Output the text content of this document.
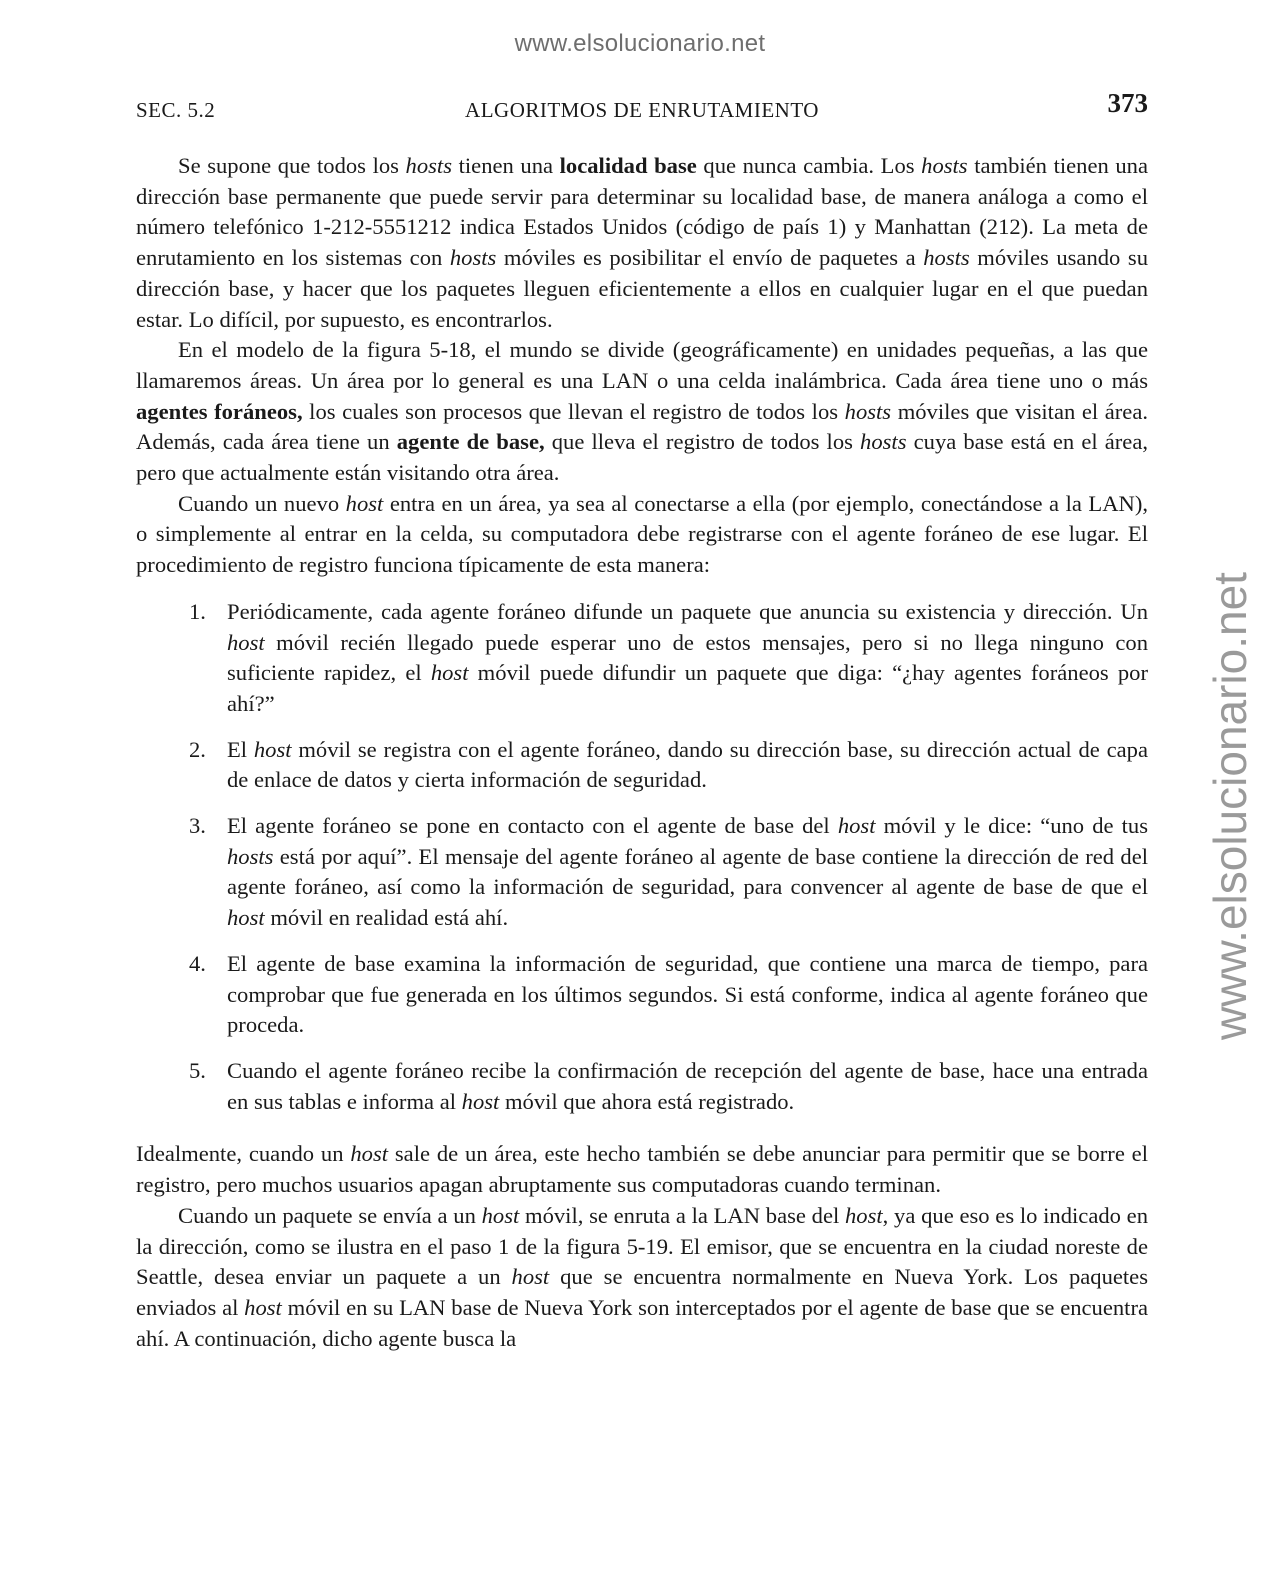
www.elsolucionario.net
www.elsolucionario.net
SEC. 5.2	ALGORITMOS DE ENRUTAMIENTO	373

Se supone que todos los hosts tienen una localidad base que nunca cambia. Los hosts también tienen una dirección base permanente que puede servir para determinar su localidad base, de manera análoga a como el número telefónico 1-212-5551212 indica Estados Unidos (código de país 1) y Manhattan (212). La meta de enrutamiento en los sistemas con hosts móviles es posibilitar el envío de paquetes a hosts móviles usando su dirección base, y hacer que los paquetes lleguen eficientemente a ellos en cualquier lugar en el que puedan estar. Lo difícil, por supuesto, es encontrarlos.

En el modelo de la figura 5-18, el mundo se divide (geográficamente) en unidades pequeñas, a las que llamaremos áreas. Un área por lo general es una LAN o una celda inalámbrica. Cada área tiene uno o más agentes foráneos, los cuales son procesos que llevan el registro de todos los hosts móviles que visitan el área. Además, cada área tiene un agente de base, que lleva el registro de todos los hosts cuya base está en el área, pero que actualmente están visitando otra área.

Cuando un nuevo host entra en un área, ya sea al conectarse a ella (por ejemplo, conectándose a la LAN), o simplemente al entrar en la celda, su computadora debe registrarse con el agente foráneo de ese lugar. El procedimiento de registro funciona típicamente de esta manera:

1. Periódicamente, cada agente foráneo difunde un paquete que anuncia su existencia y dirección. Un host móvil recién llegado puede esperar uno de estos mensajes, pero si no llega ninguno con suficiente rapidez, el host móvil puede difundir un paquete que diga: “¿hay agentes foráneos por ahí?”
2. El host móvil se registra con el agente foráneo, dando su dirección base, su dirección actual de capa de enlace de datos y cierta información de seguridad.
3. El agente foráneo se pone en contacto con el agente de base del host móvil y le dice: “uno de tus hosts está por aquí”. El mensaje del agente foráneo al agente de base contiene la dirección de red del agente foráneo, así como la información de seguridad, para convencer al agente de base de que el host móvil en realidad está ahí.
4. El agente de base examina la información de seguridad, que contiene una marca de tiempo, para comprobar que fue generada en los últimos segundos. Si está conforme, indica al agente foráneo que proceda.
5. Cuando el agente foráneo recibe la confirmación de recepción del agente de base, hace una entrada en sus tablas e informa al host móvil que ahora está registrado.

Idealmente, cuando un host sale de un área, este hecho también se debe anunciar para permitir que se borre el registro, pero muchos usuarios apagan abruptamente sus computadoras cuando terminan.

Cuando un paquete se envía a un host móvil, se enruta a la LAN base del host, ya que eso es lo indicado en la dirección, como se ilustra en el paso 1 de la figura 5-19. El emisor, que se encuentra en la ciudad noreste de Seattle, desea enviar un paquete a un host que se encuentra normalmente en Nueva York. Los paquetes enviados al host móvil en su LAN base de Nueva York son interceptados por el agente de base que se encuentra ahí. A continuación, dicho agente busca la
